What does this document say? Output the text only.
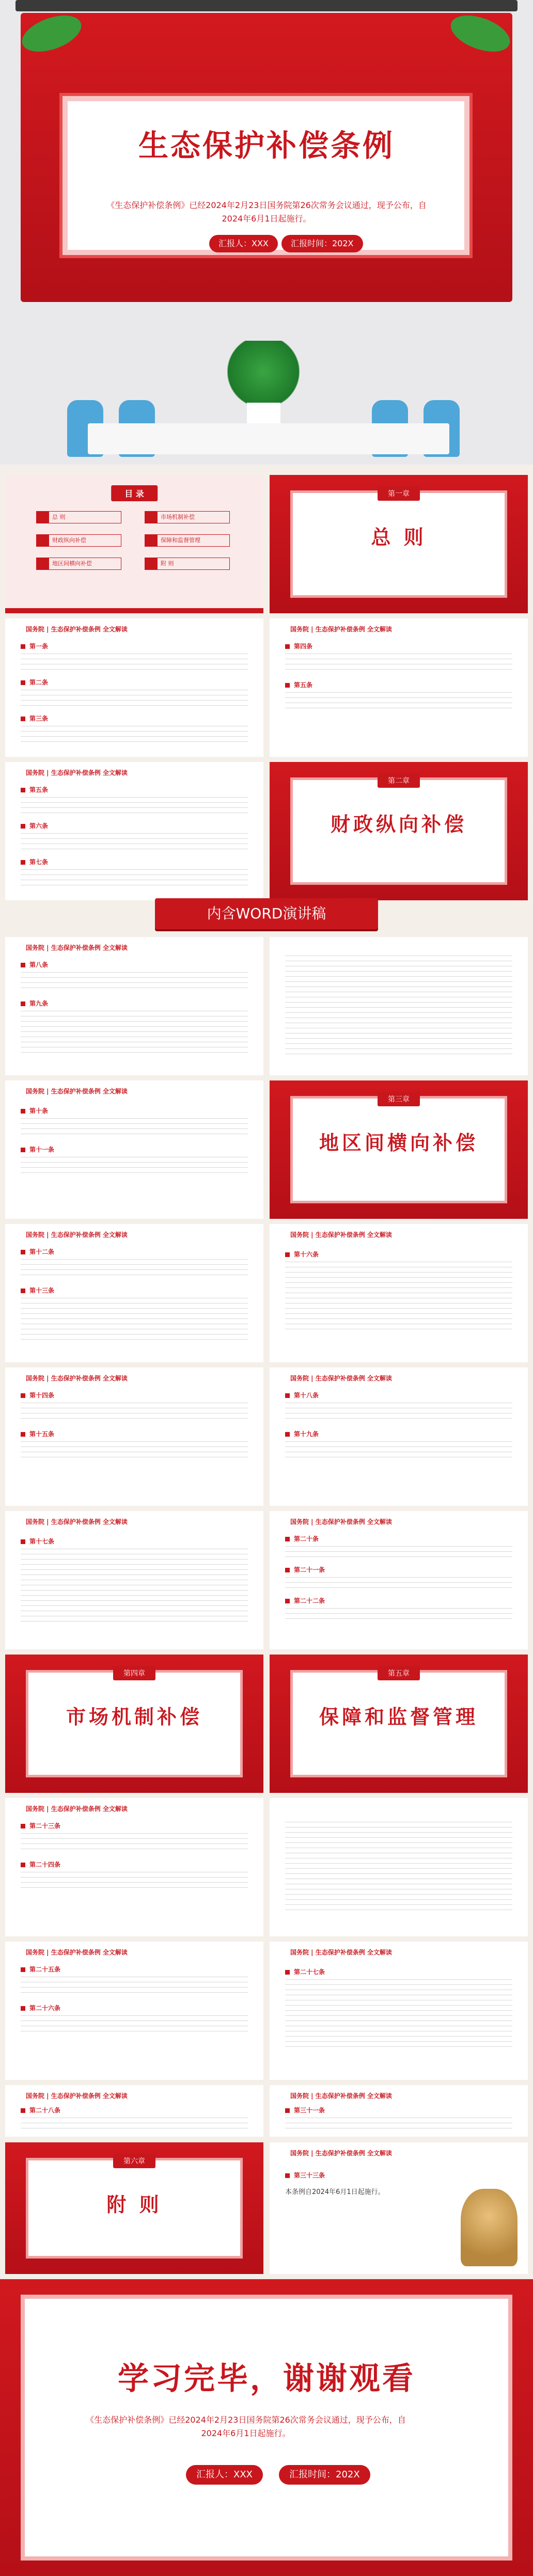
生态保护补偿条例
《生态保护补偿条例》已经2024年2月23日国务院第26次常务会议通过，现予公布，自2024年6月1日起施行。
汇报人：XXX	汇报时间：202X
目 录
总 则	市场机制补偿
财政纵向补偿	保障和监督管理
地区间横向补偿	附 则
第一章
总 则
国务院 | 生态保护补偿条例 全文解读
第一条
第二条
第三条
国务院 | 生态保护补偿条例 全文解读
第四条
第五条
国务院 | 生态保护补偿条例 全文解读
第五条
第六条
第七条
第二章
财政纵向补偿
内含WORD演讲稿
国务院 | 生态保护补偿条例 全文解读
第八条
第九条
国务院 | 生态保护补偿条例 全文解读
第十条
第十一条
第三章
地区间横向补偿
国务院 | 生态保护补偿条例 全文解读
第十二条
第十三条
国务院 | 生态保护补偿条例 全文解读
第十六条
国务院 | 生态保护补偿条例 全文解读
第十四条
第十五条
国务院 | 生态保护补偿条例 全文解读
第十八条
第十九条
国务院 | 生态保护补偿条例 全文解读
第十七条
国务院 | 生态保护补偿条例 全文解读
第二十条
第二十一条
第二十二条
第四章
市场机制补偿
第五章
保障和监督管理
国务院 | 生态保护补偿条例 全文解读
第二十三条
第二十四条
国务院 | 生态保护补偿条例 全文解读
第二十五条
第二十六条
国务院 | 生态保护补偿条例 全文解读
第二十七条
国务院 | 生态保护补偿条例 全文解读
第二十八条
国务院 | 生态保护补偿条例 全文解读
第三十一条
第六章
附 则
国务院 | 生态保护补偿条例 全文解读
第三十三条
本条例自2024年6月1日起施行。
学习完毕，谢谢观看
《生态保护补偿条例》已经2024年2月23日国务院第26次常务会议通过，现予公布，自2024年6月1日起施行。
汇报人：XXX	汇报时间：202X
